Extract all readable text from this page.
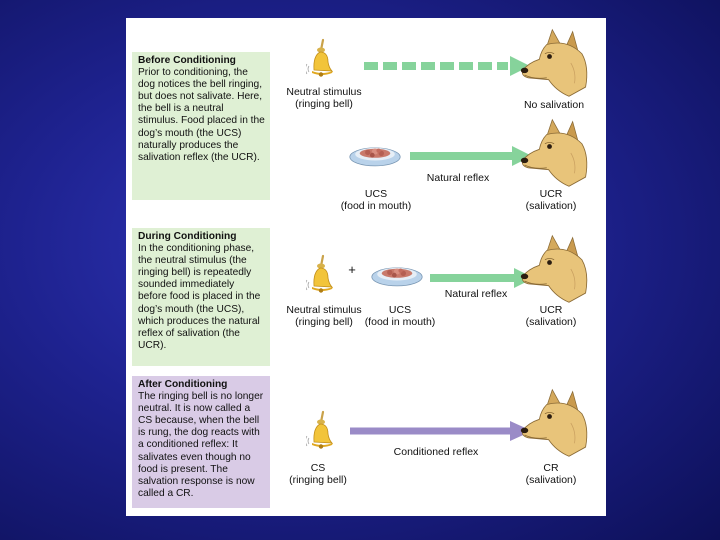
Before Conditioning
Prior to conditioning, the dog notices the bell ringing, but does not salivate. Here, the bell is a neutral stimulus. Food placed in the dog’s mouth (the UCS) naturally produces the salivation reflex (the UCR).
During Conditioning
In the conditioning phase, the neutral stimulus (the ringing bell) is repeatedly sounded immediately before food is placed in the dog’s mouth (the UCS), which produces the natural reflex of salivation (the UCR).
After Conditioning
The ringing bell is no longer neutral. It is now called a CS because, when the bell is rung, the dog reacts with a conditioned reflex: It salivates even though no food is present. The salvation response is now called a CR.
Neutral stimulus
(ringing bell)	No salivation
Natural reflex
UCS
(food in mouth)
UCR
(salivation)
+
Natural reflex
Neutral stimulus
(ringing bell)
UCS
(food in mouth)
UCR
(salivation)
Conditioned reflex
CS
(ringing bell)
CR
(salivation)
